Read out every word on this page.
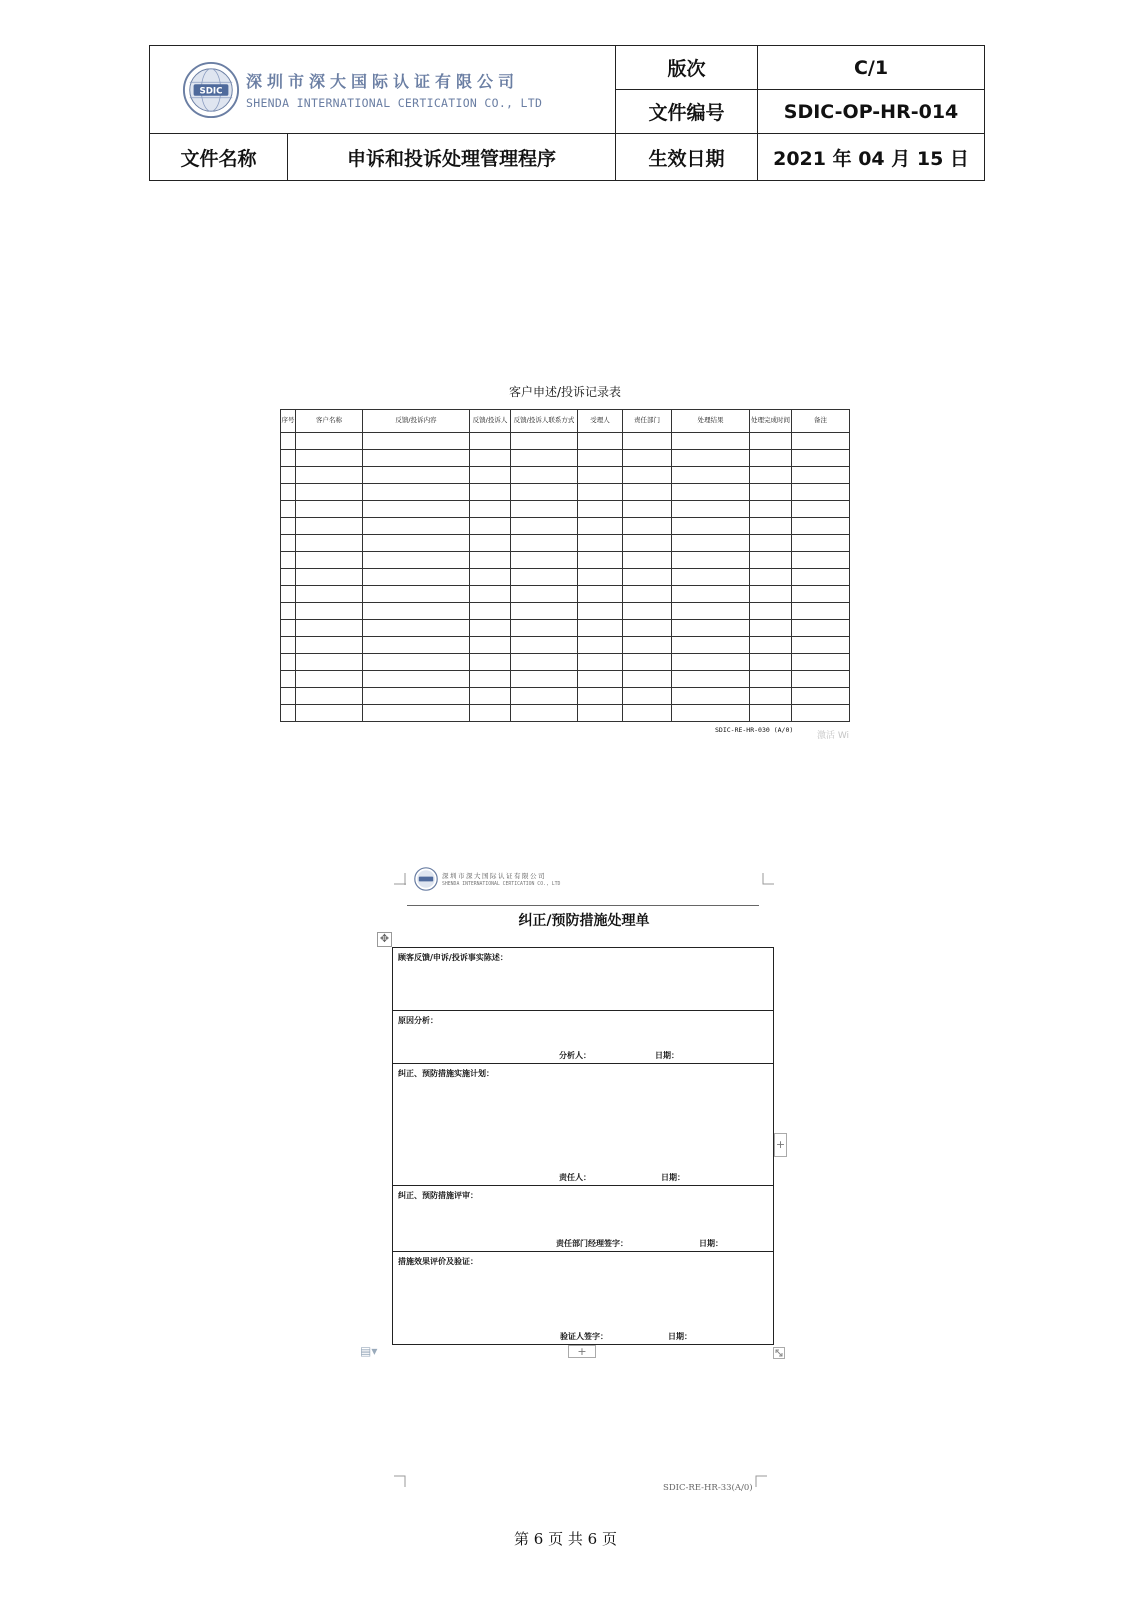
SDIC 深圳市深大国际认证有限公司
SHENDA INTERNATIONAL CERTICATION CO., LTD		版次	C/1
		文件编号	SDIC-OP-HR-014
文件名称	申诉和投诉处理管理程序	生效日期	2021 年 04 月 15 日
客户申述/投诉记录表
序号	客户名称	反馈/投诉内容	反馈/投诉人	反馈/投诉人联系方式	受理人	责任部门	处理结果	处理完成时间	备注

SDIC-RE-HR-030 (A/0)
激活 Wi
深圳市深大国际认证有限公司
SHENDA INTERNATIONAL CERTICATION CO., LTD
纠正/预防措施处理单
✥
顾客反馈/申诉/投诉事实陈述：
原因分析：
分析人：	日期：
纠正、预防措施实施计划：
责任人：	日期：
纠正、预防措施评审：
责任部门经理签字：	日期：
措施效果评价及验证：
验证人签字：	日期：
+
+
▤▾
SDIC-RE-HR-33(A/0)
第 6 页 共 6 页
